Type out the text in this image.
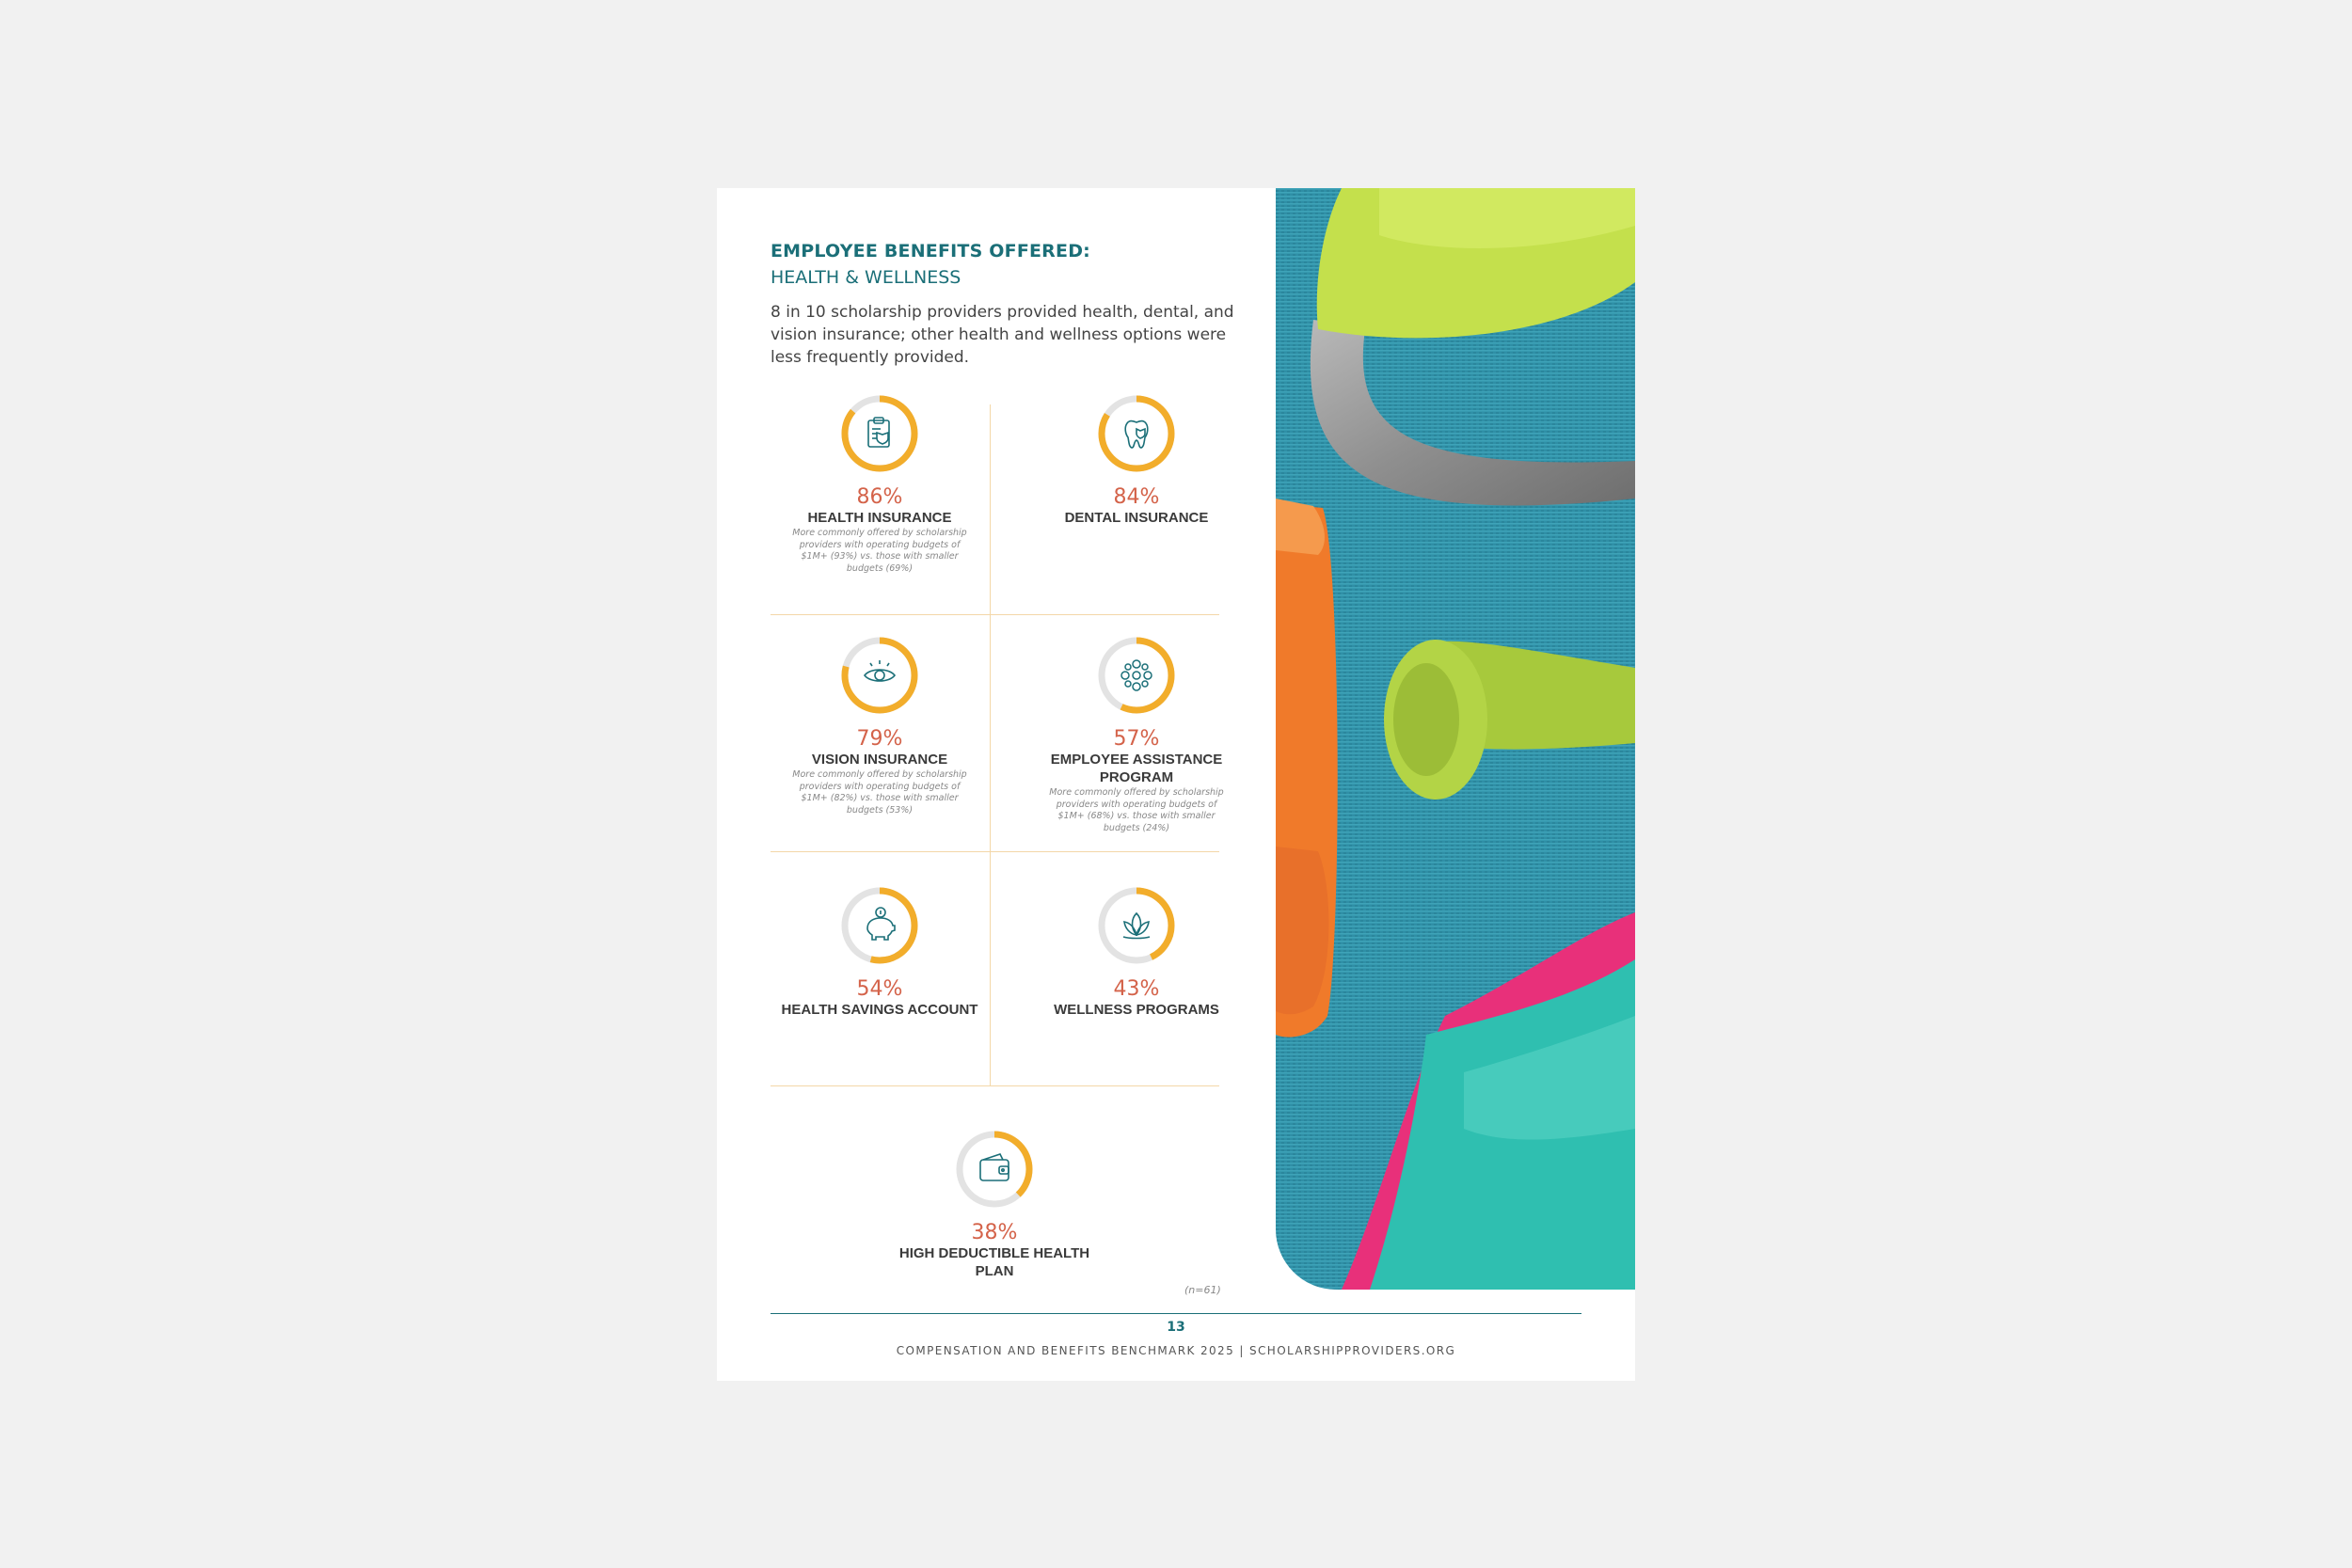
EMPLOYEE BENEFITS OFFERED:
HEALTH & WELLNESS
8 in 10 scholarship providers provided health, dental, and vision insurance; other health and wellness options were less frequently provided.
86%
HEALTH INSURANCE
More commonly offered by scholarship providers with operating budgets of $1M+ (93%) vs. those with smaller budgets (69%)
84%
DENTAL INSURANCE
79%
VISION INSURANCE
More commonly offered by scholarship providers with operating budgets of $1M+ (82%) vs. those with smaller budgets (53%)
57%
EMPLOYEE ASSISTANCE PROGRAM
More commonly offered by scholarship providers with operating budgets of $1M+ (68%) vs. those with smaller budgets (24%)
54%
HEALTH SAVINGS ACCOUNT
43%
WELLNESS PROGRAMS
38%
HIGH DEDUCTIBLE HEALTH PLAN
(n=61)
13
COMPENSATION AND BENEFITS BENCHMARK 2025 | SCHOLARSHIPPROVIDERS.ORG
